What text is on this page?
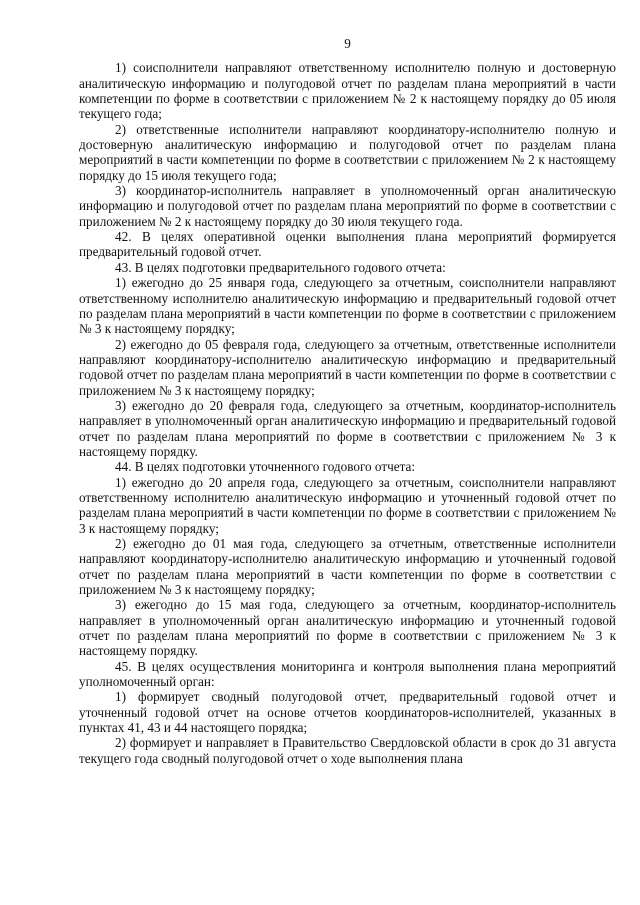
9

1) соисполнители направляют ответственному исполнителю полную и достоверную аналитическую информацию и полугодовой отчет по разделам плана мероприятий в части компетенции по форме в соответствии с приложением № 2 к настоящему порядку до 05 июля текущего года;

2) ответственные исполнители направляют координатору-исполнителю полную и достоверную аналитическую информацию и полугодовой отчет по разделам плана мероприятий в части компетенции по форме в соответствии с приложением № 2 к настоящему порядку до 15 июля текущего года;

3) координатор-исполнитель направляет в уполномоченный орган аналитическую информацию и полугодовой отчет по разделам плана мероприятий по форме в соответствии с приложением № 2 к настоящему порядку до 30 июля текущего года.

42. В целях оперативной оценки выполнения плана мероприятий формируется предварительный годовой отчет.

43. В целях подготовки предварительного годового отчета:

1) ежегодно до 25 января года, следующего за отчетным, соисполнители направляют ответственному исполнителю аналитическую информацию и предварительный годовой отчет по разделам плана мероприятий в части компетенции по форме в соответствии с приложением № 3 к настоящему порядку;

2) ежегодно до 05 февраля года, следующего за отчетным, ответственные исполнители направляют координатору-исполнителю аналитическую информацию и предварительный годовой отчет по разделам плана мероприятий в части компетенции по форме в соответствии с приложением № 3 к настоящему порядку;

3) ежегодно до 20 февраля года, следующего за отчетным, координатор-исполнитель направляет в уполномоченный орган аналитическую информацию и предварительный годовой отчет по разделам плана мероприятий по форме в соответствии с приложением № 3 к настоящему порядку.

44. В целях подготовки уточненного годового отчета:

1) ежегодно до 20 апреля года, следующего за отчетным, соисполнители направляют ответственному исполнителю аналитическую информацию и уточненный годовой отчет по разделам плана мероприятий в части компетенции по форме в соответствии с приложением № 3 к настоящему порядку;

2) ежегодно до 01 мая года, следующего за отчетным, ответственные исполнители направляют координатору-исполнителю аналитическую информацию и уточненный годовой отчет по разделам плана мероприятий в части компетенции по форме в соответствии с приложением № 3 к настоящему порядку;

3) ежегодно до 15 мая года, следующего за отчетным, координатор-исполнитель направляет в уполномоченный орган аналитическую информацию и уточненный годовой отчет по разделам плана мероприятий по форме в соответствии с приложением № 3 к настоящему порядку.

45. В целях осуществления мониторинга и контроля выполнения плана мероприятий уполномоченный орган:

1) формирует сводный полугодовой отчет, предварительный годовой отчет и уточненный годовой отчет на основе отчетов координаторов-исполнителей, указанных в пунктах 41, 43 и 44 настоящего порядка;

2) формирует и направляет в Правительство Свердловской области в срок до 31 августа текущего года сводный полугодовой отчет о ходе выполнения плана
